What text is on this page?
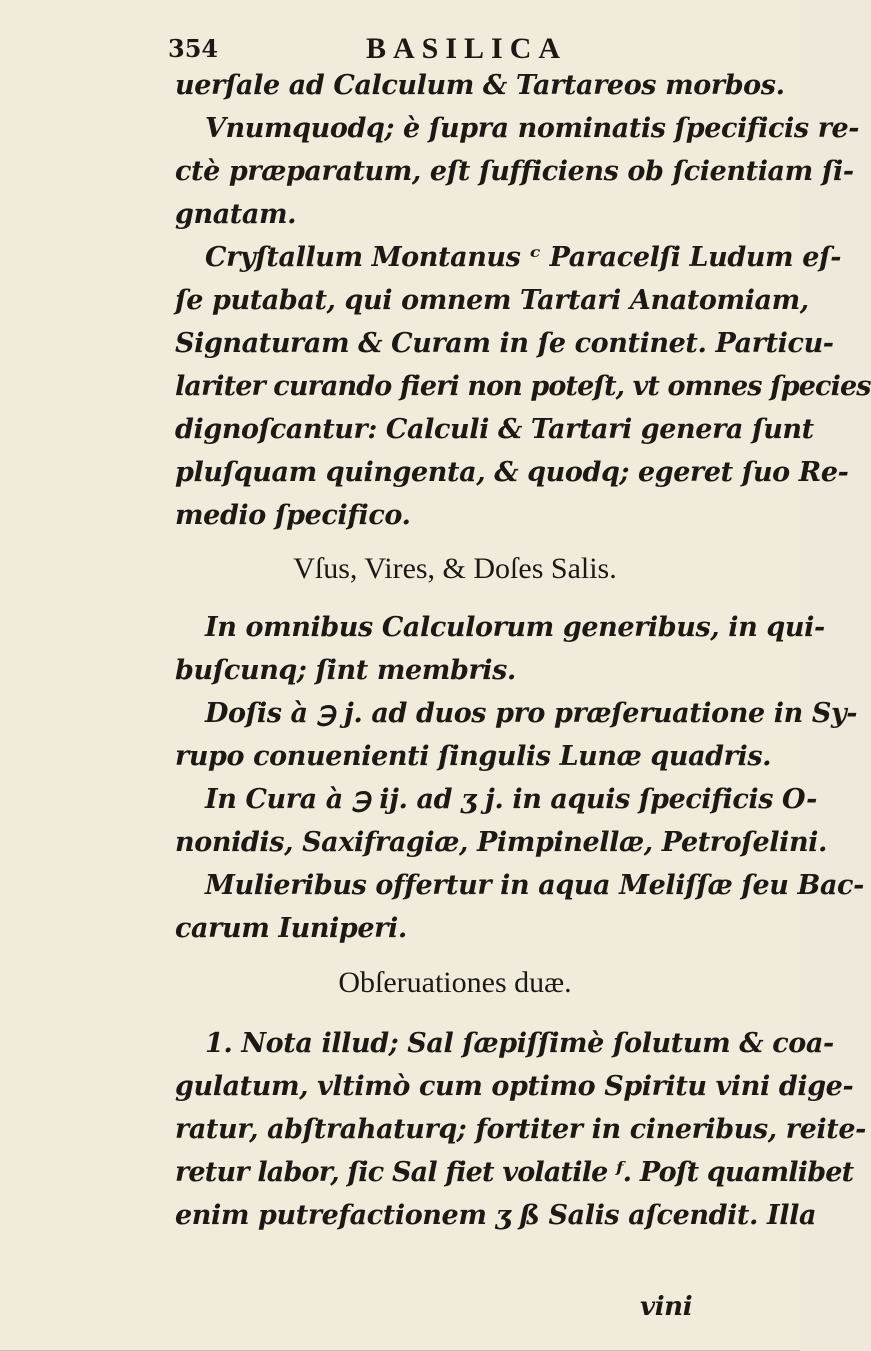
354	BASILICA
uerſale ad Calculum & Tartareos morbos.
Vnumquodq; è ſupra nominatis ſpecificis re-
ctè præparatum, eſt ſufficiens ob ſcientiam ſi-
gnatam.
Cryſtallum Montanus ᶜ Paracelſi Ludum eſ-
ſe putabat, qui omnem Tartari Anatomiam,
Signaturam & Curam in ſe continet. Particu-
lariter curando fieri non poteſt, vt omnes ſpecies
dignoſcantur: Calculi & Tartari genera ſunt
pluſquam quingenta, & quodq; egeret ſuo Re-
medio ſpecifico.
Vſus, Vires, & Doſes Salis.
In omnibus Calculorum generibus, in qui-
buſcunq; ſint membris.
Doſis à ℈ j. ad duos pro præſeruatione in Sy-
rupo conuenienti ſingulis Lunæ quadris.
In Cura à ℈ ij. ad ʒ j. in aquis ſpecificis O-
nonidis, Saxifragiæ, Pimpinellæ, Petroſelini.
Mulieribus offertur in aqua Meliſſæ ſeu Bac-
carum Iuniperi.
Obſeruationes duæ.
1. Nota illud; Sal ſæpiſſimè ſolutum & coa-
gulatum, vltimò cum optimo Spiritu vini dige-
ratur, abſtrahaturq; fortiter in cineribus, reite-
retur labor, ſic Sal fiet volatile ᶠ. Poſt quamlibet
enim putrefactionem ʒ ß Salis aſcendit. Illa
vini
